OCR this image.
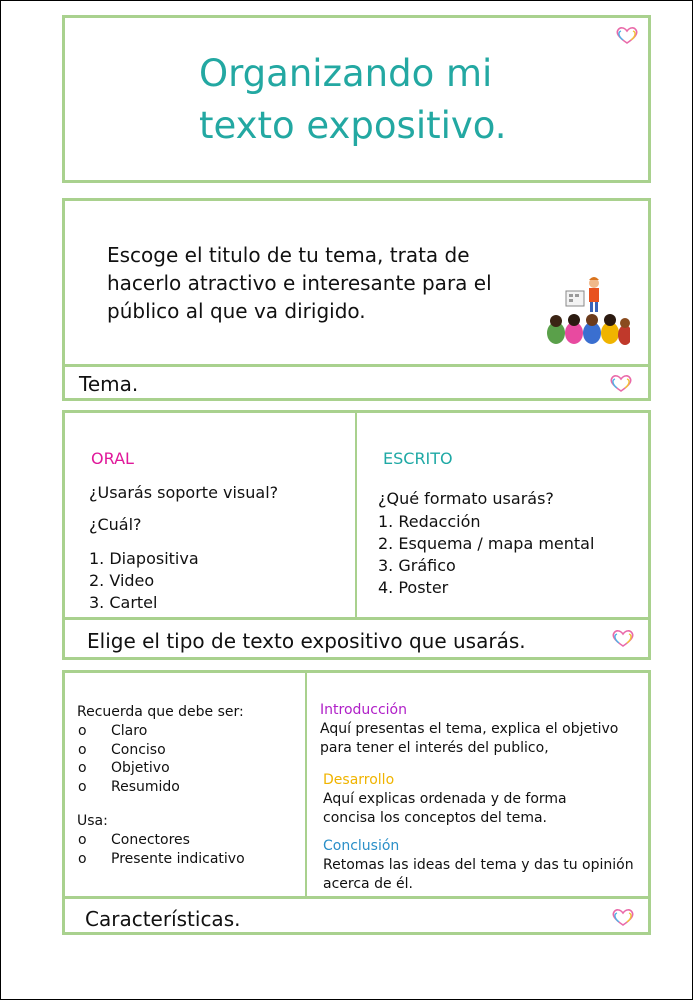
Organizando mi

texto expositivo.

Escoge el titulo de tu tema, trata de

hacerlo atractivo e interesante para el

público al que va dirigido.

Tema.

ORAL

¿Usarás soporte visual?

¿Cuál?

1. Diapositiva
2. Video
3. Cartel

ESCRITO

¿Qué formato usarás?

1. Redacción
2. Esquema / mapa mental
3. Gráfico
4. Poster

Elige el tipo de texto expositivo que usarás.

Recuerda que debe ser:

o Claro
o Conciso
o Objetivo
o Resumido

Usa:

o Conectores
o Presente indicativo

Introducción

Aquí presentas el tema, explica el objetivo

para tener el interés del publico,

Desarrollo

Aquí explicas ordenada y de forma

concisa los conceptos del tema.

Conclusión

Retomas las ideas del tema y das tu opinión

acerca de él.

Características.
